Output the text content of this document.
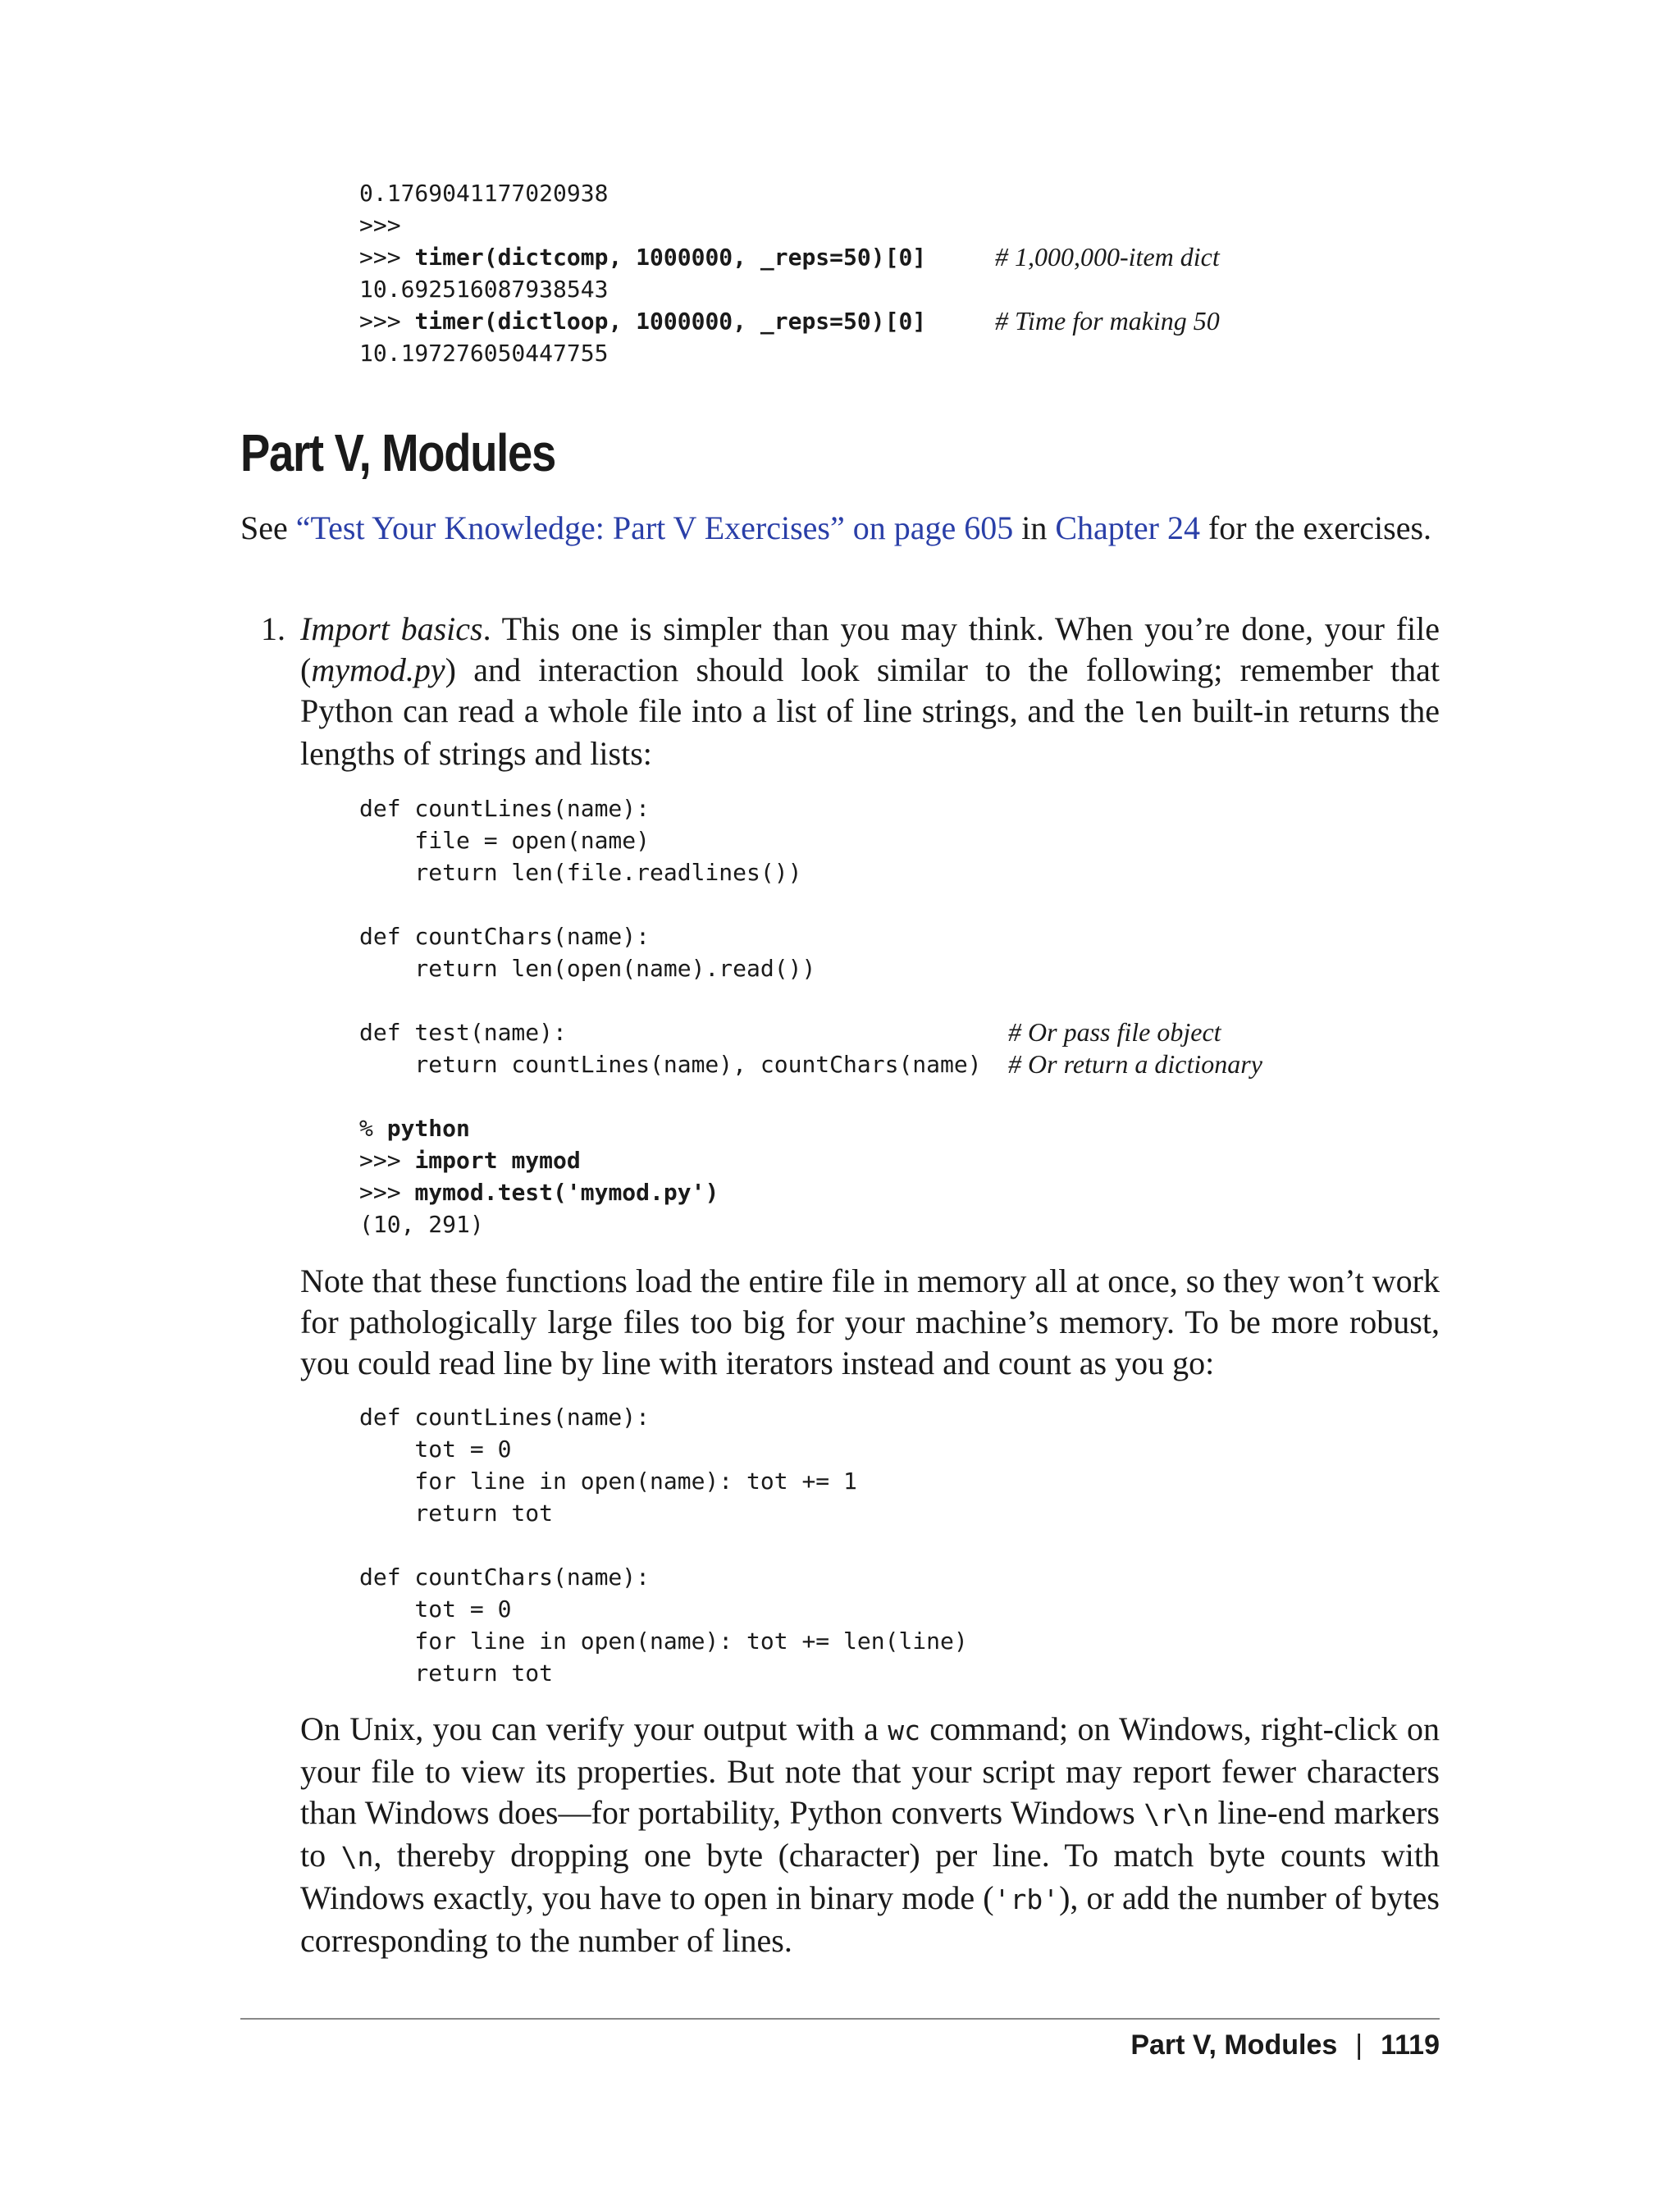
0.1769041177020938
>>>
>>> timer(dictcomp, 1000000, _reps=50)[0]	# 1,000,000-item dict
10.692516087938543
>>> timer(dictloop, 1000000, _reps=50)[0]	# Time for making 50
10.197276050447755
Part V, Modules

See “Test Your Knowledge: Part V Exercises” on page 605 in Chapter 24 for the exercises.

1. Import basics. This one is simpler than you may think. When you’re done, your file (mymod.py) and interaction should look similar to the following; remember that Python can read a whole file into a list of line strings, and the len built-in returns the lengths of strings and lists:

def countLines(name):
file = open(name)
return len(file.readlines())
def countChars(name):
return len(open(name).read())
def test(name):	# Or pass file object
return countLines(name), countChars(name) # Or return a dictionary
% python
>>> import mymod
>>> mymod.test('mymod.py')
(10, 291)

Note that these functions load the entire file in memory all at once, so they won’t work for pathologically large files too big for your machine’s memory. To be more robust, you could read line by line with iterators instead and count as you go:

def countLines(name):
tot = 0
for line in open(name): tot += 1
return tot
def countChars(name):
tot = 0
for line in open(name): tot += len(line)
return tot

On Unix, you can verify your output with a wc command; on Windows, right-click on your file to view its properties. But note that your script may report fewer characters than Windows does—for portability, Python converts Windows \r\n line-end markers to \n, thereby dropping one byte (character) per line. To match byte counts with Windows exactly, you have to open in binary mode ('rb'), or add the number of bytes corresponding to the number of lines.

Part V, Modules | 1119
